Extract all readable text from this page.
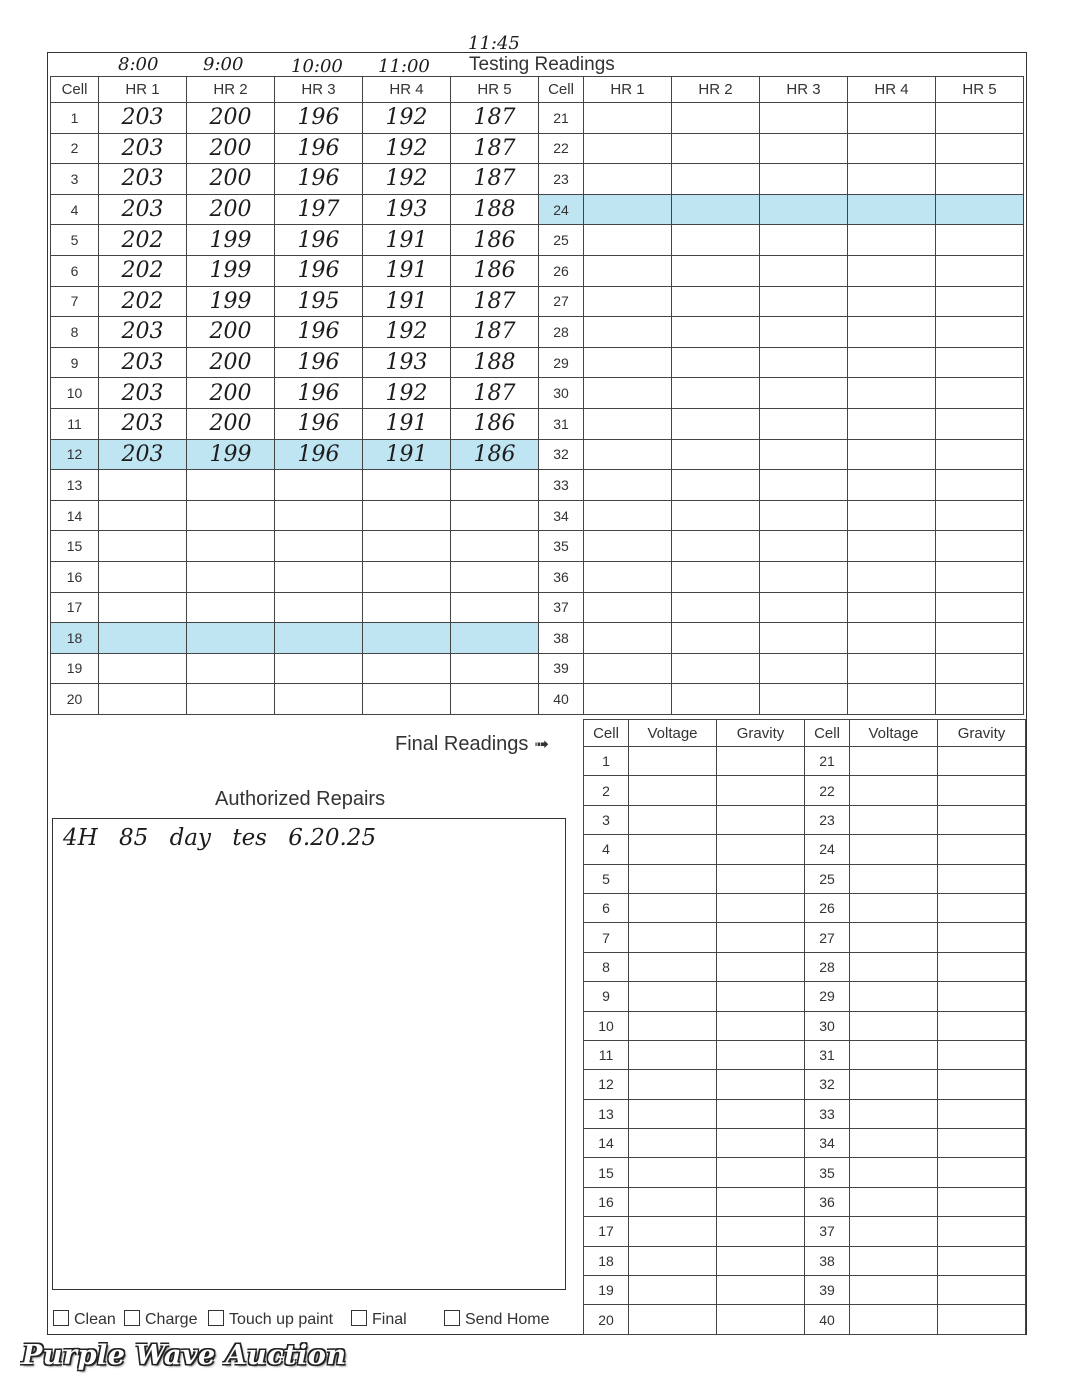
8:00 9:00	10:00 11:00
11:45
Testing Readings
Cell	HR 1	HR 2	HR 3	HR 4	HR 5
1	203	200	196	192	187
2	203	200	196	192	187
3	203	200	196	192	187
4	203	200	197	193	188
5	202	199	196	191	186
6	202	199	196	191	186
7	202	199	195	191	187
8	203	200	196	192	187
9	203	200	196	193	188
10	203	200	196	192	187
11	203	200	196	191	186
12	203	199	196	191	186
13					
14					
15					
16					
17					
18					
19					
20					
Cell	HR 1	HR 2	HR 3	HR 4	HR 5
21					
22					
23					
24					
25					
26					
27					
28					
29					
30					
31					
32					
33					
34					
35					
36					
37					
38					
39					
40					
Final Readings ➟
Cell	Voltage	Gravity	Cell	Voltage	Gravity
1			21		
2			22		
3			23		
4			24		
5			25		
6			26		
7			27		
8			28		
9			29		
10			30		
11			31		
12			32		
13			33		
14			34		
15			35		
16			36		
17			37		
18			38		
19			39		
20			40		
Authorized Repairs
4H 85 day tes 6.20.25
Clean	Charge	Touch up paint	Final	Send Home
Purple Wave Auction
